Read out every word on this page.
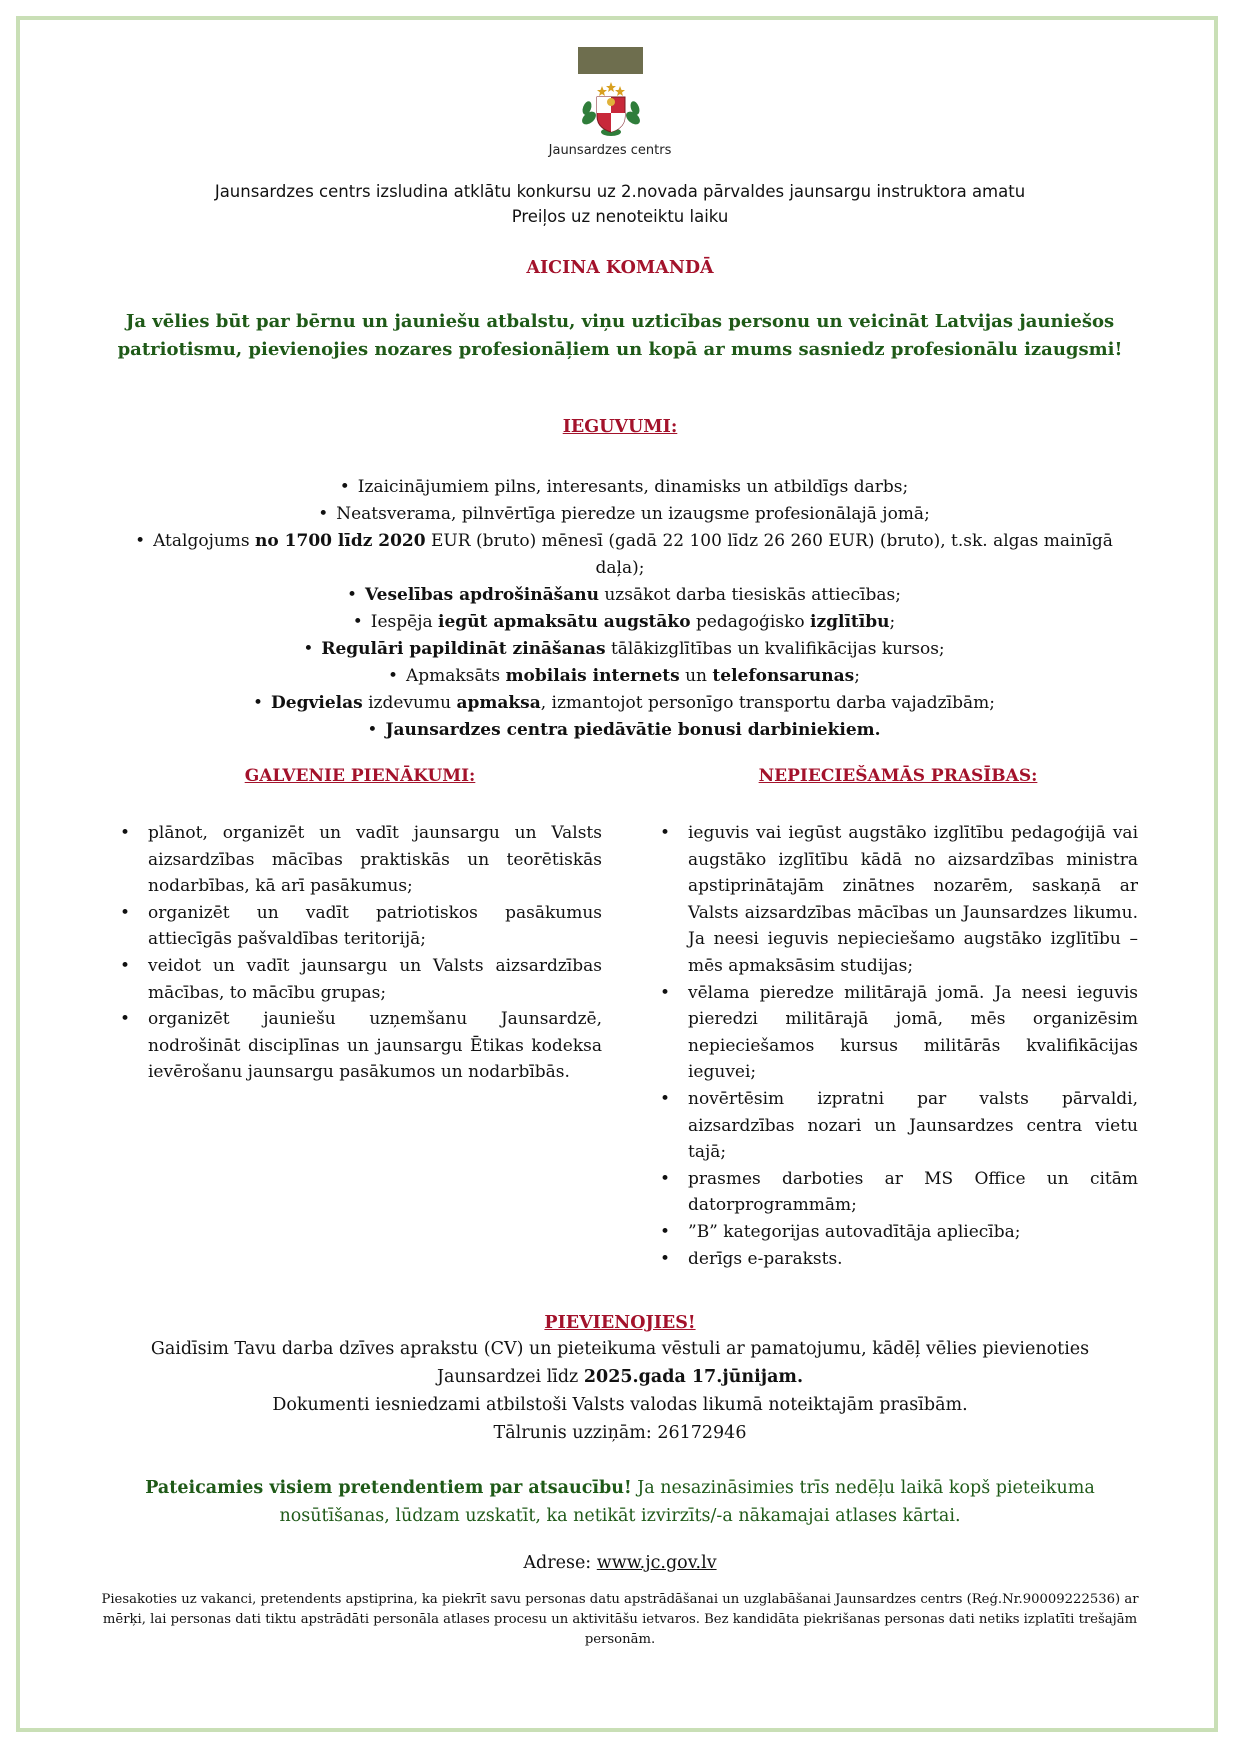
Jaunsardzes centrs
Jaunsardzes centrs izsludina atklātu konkursu uz 2.novada pārvaldes jaunsargu instruktora amatu
Preiļos uz nenoteiktu laiku
AICINA KOMANDĀ
Ja vēlies būt par bērnu un jauniešu atbalstu, viņu uzticības personu un veicināt Latvijas jauniešos
patriotismu, pievienojies nozares profesionāļiem un kopā ar mums sasniedz profesionālu izaugsmi!
IEGUVUMI:
• Izaicinājumiem pilns, interesants, dinamisks un atbildīgs darbs;
• Neatsverama, pilnvērtīga pieredze un izaugsme profesionālajā jomā;
• Atalgojums no 1700 līdz 2020 EUR (bruto) mēnesī (gadā 22 100 līdz 26 260 EUR) (bruto), t.sk. algas mainīgā daļa);
• Veselības apdrošināšanu uzsākot darba tiesiskās attiecības;
• Iespēja iegūt apmaksātu augstāko pedagoģisko izglītību;
• Regulāri papildināt zināšanas tālākizglītības un kvalifikācijas kursos;
• Apmaksāts mobilais internets un telefonsarunas;
• Degvielas izdevumu apmaksa, izmantojot personīgo transportu darba vajadzībām;
• Jaunsardzes centra piedāvātie bonusi darbiniekiem.
GALVENIE PIENĀKUMI:	NEPIECIEŠAMĀS PRASĪBAS:
• plānot, organizēt un vadīt jaunsargu un Valsts aizsardzības mācības praktiskās un teorētiskās nodarbības, kā arī pasākumus;
• organizēt un vadīt patriotiskos pasākumus attiecīgās pašvaldības teritorijā;
• veidot un vadīt jaunsargu un Valsts aizsardzības mācības, to mācību grupas;
• organizēt jauniešu uzņemšanu Jaunsardzē, nodrošināt disciplīnas un jaunsargu Ētikas kodeksa ievērošanu jaunsargu pasākumos un nodarbībās.
• ieguvis vai iegūst augstāko izglītību pedagoģijā vai augstāko izglītību kādā no aizsardzības ministra apstiprinātajām zinātnes nozarēm, saskaņā ar Valsts aizsardzības mācības un Jaunsardzes likumu. Ja neesi ieguvis nepieciešamo augstāko izglītību – mēs apmaksāsim studijas;
• vēlama pieredze militārajā jomā. Ja neesi ieguvis pieredzi militārajā jomā, mēs organizēsim nepieciešamos kursus militārās kvalifikācijas ieguvei;
• novērtēsim izpratni par valsts pārvaldi, aizsardzības nozari un Jaunsardzes centra vietu tajā;
• prasmes darboties ar MS Office un citām datorprogrammām;
• ”B” kategorijas autovadītāja apliecība;
• derīgs e-paraksts.
PIEVIENOJIES!
Gaidīsim Tavu darba dzīves aprakstu (CV) un pieteikuma vēstuli ar pamatojumu, kādēļ vēlies pievienoties
Jaunsardzei līdz 2025.gada 17.jūnijam.
Dokumenti iesniedzami atbilstoši Valsts valodas likumā noteiktajām prasībām.
Tālrunis uzziņām: 26172946
Pateicamies visiem pretendentiem par atsaucību! Ja nesazināsimies trīs nedēļu laikā kopš pieteikuma
nosūtīšanas, lūdzam uzskatīt, ka netikāt izvirzīts/-a nākamajai atlases kārtai.
Adrese: www.jc.gov.lv
Piesakoties uz vakanci, pretendents apstiprina, ka piekrīt savu personas datu apstrādāšanai un uzglabāšanai Jaunsardzes centrs (Reģ.Nr.90009222536) ar
mērķi, lai personas dati tiktu apstrādāti personāla atlases procesu un aktivitāšu ietvaros. Bez kandidāta piekrišanas personas dati netiks izplatīti trešajām
personām.
